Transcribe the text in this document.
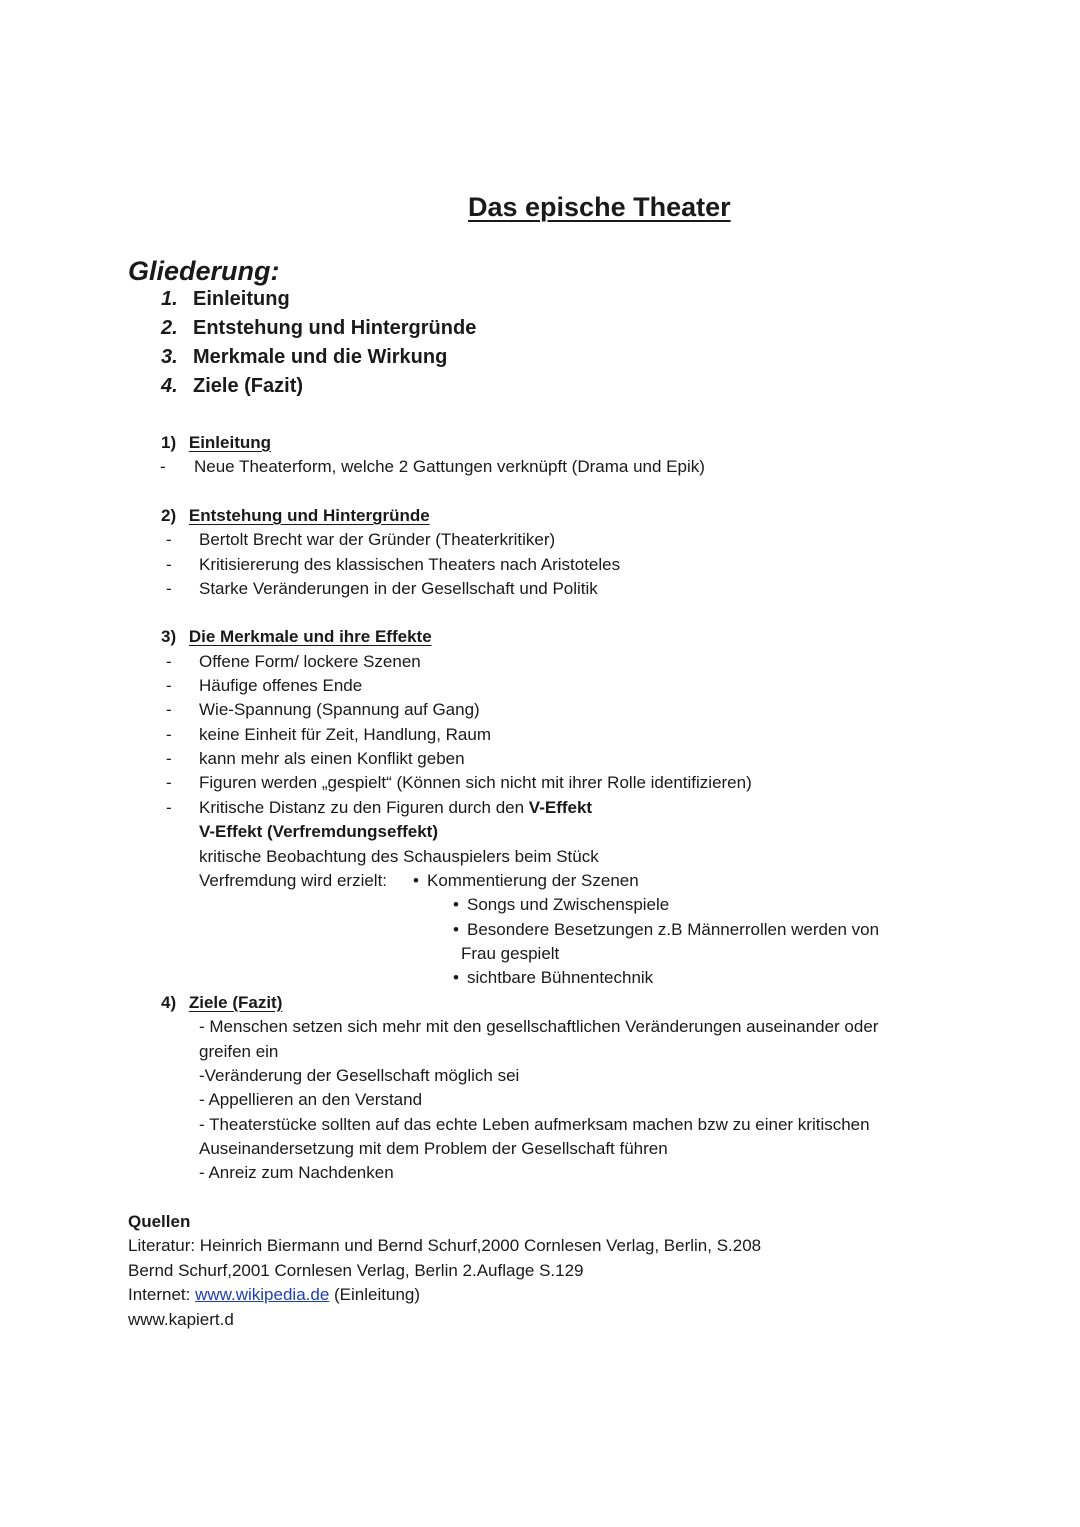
Das epische Theater
Gliederung:
1. Einleitung
2. Entstehung und Hintergründe
3. Merkmale und die Wirkung
4. Ziele (Fazit)
1) Einleitung
- Neue Theaterform, welche 2 Gattungen verknüpft (Drama und Epik)
2) Entstehung und Hintergründe
- Bertolt Brecht war der Gründer (Theaterkritiker)
- Kritisiererung des klassischen Theaters nach Aristoteles
- Starke Veränderungen in der Gesellschaft und Politik
3) Die Merkmale und ihre Effekte
- Offene Form/ lockere Szenen
- Häufige offenes Ende
- Wie-Spannung (Spannung auf Gang)
- keine Einheit für Zeit, Handlung, Raum
- kann mehr als einen Konflikt geben
- Figuren werden „gespielt“ (Können sich nicht mit ihrer Rolle identifizieren)
- Kritische Distanz zu den Figuren durch den V-Effekt
V-Effekt (Verfremdungseffekt)
kritische Beobachtung des Schauspielers beim Stück
Verfremdung wird erzielt: • Kommentierung der Szenen
• Songs und Zwischenspiele
• Besondere Besetzungen z.B Männerrollen werden von
Frau gespielt
• sichtbare Bühnentechnik
4) Ziele (Fazit)
- Menschen setzen sich mehr mit den gesellschaftlichen Veränderungen auseinander oder
greifen ein
-Veränderung der Gesellschaft möglich sei
- Appellieren an den Verstand
- Theaterstücke sollten auf das echte Leben aufmerksam machen bzw zu einer kritischen
Auseinandersetzung mit dem Problem der Gesellschaft führen
- Anreiz zum Nachdenken
Quellen
Literatur: Heinrich Biermann und Bernd Schurf,2000 Cornlesen Verlag, Berlin, S.208
Bernd Schurf,2001 Cornlesen Verlag, Berlin 2.Auflage S.129
Internet: www.wikipedia.de (Einleitung)
www.kapiert.d
